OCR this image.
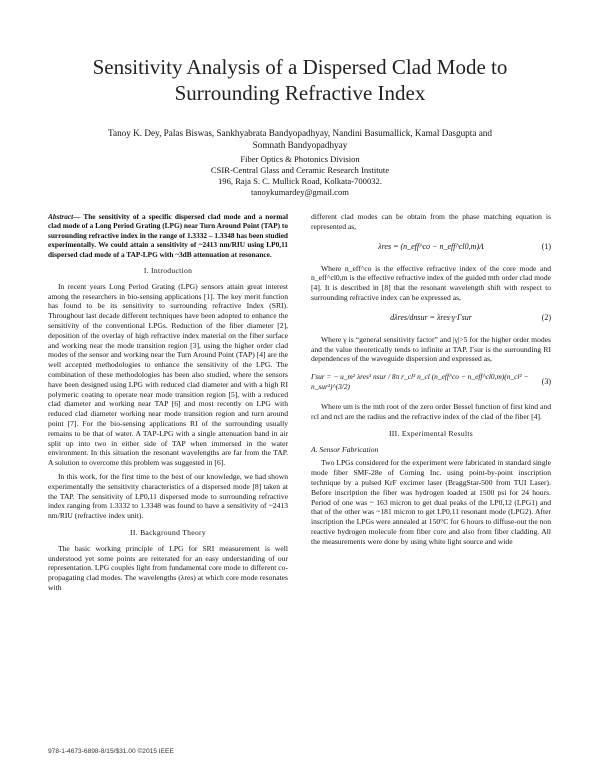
Sensitivity Analysis of a Dispersed Clad Mode to
Surrounding Refractive Index
Tanoy K. Dey, Palas Biswas, Sankhyabrata Bandyopadhyay, Nandini Basumallick, Kamal Dasgupta and
Somnath Bandyopadhyay
Fiber Optics & Photonics Division
CSIR-Central Glass and Ceramic Research Institute
196, Raja S. C. Mullick Road, Kolkata-700032.
tanoykumardey@gmail.com

Abstract— The sensitivity of a specific dispersed clad mode and a normal clad mode of a Long Period Grating (LPG) near Turn Around Point (TAP) to surrounding refractive index in the range of 1.3332 – 1.3348 has been studied experimentally. We could attain a sensitivity of ~2413 nm/RIU using LP0,11 dispersed clad mode of a TAP-LPG with ~3dB attenuation at resonance.

I. Introduction

In recent years Long Period Grating (LPG) sensors attain great interest among the researchers in bio-sensing applications [1]. The key merit function has found to be its sensitivity to surrounding refractive Index (SRI). Throughout last decade different techniques have been adopted to enhance the sensitivity of the conventional LPGs. Reduction of the fiber diameter [2], deposition of the overlay of high refractive index material on the fiber surface and working near the mode transition region [3], using the higher order clad modes of the sensor and working near the Turn Around Point (TAP) [4] are the well accepted methodologies to enhance the sensitivity of the LPG. The combination of these methodologies has been also studied, where the sensors have been designed using LPG with reduced clad diameter and with a high RI polymeric coating to operate near mode transition region [5], with a reduced clad diameter and working near TAP [6] and most recently on LPG with reduced clad diameter working near mode transition region and turn around point [7]. For the bio-sensing applications RI of the surrounding usually remains to be that of water. A TAP-LPG with a single attenuation band in air split up into two in either side of TAP when immersed in the water environment. In this situation the resonant wavelengths are far from the TAP. A solution to overcome this problem was suggested in [6].

In this work, for the first time to the best of our knowledge, we had shown experimentally the sensitivity characteristics of a dispersed mode [8] taken at the TAP. The sensitivity of LP0,11 dispersed mode to surrounding refractive index ranging from 1.3332 to 1.3348 was found to have a sensitivity of ~2413 nm/RIU (refractive index unit).

II. Background Theory

The basic working principle of LPG for SRI measurement is well understood yet some points are reiterated for an easy understanding of our representation. LPG couples light from fundamental core mode to different co-propagating clad modes. The wavelengths (λres) at which core mode resonates with

different clad modes can be obtain from the phase matching equation is represented as,

λres = (n_eff^co − n_eff^cl0,m)Λ	(1)

Where n_eff^co is the effective refractive index of the core mode and n_eff^cl0,m is the effective refractive index of the guided mth order clad mode [4]. It is described in [8] that the resonant wavelength shift with respect to surrounding refractive index can be expressed as,

dλres/dnsur = λres·γ·Γsur	(2)

Where γ is “general sensitivity factor” and |γ|>5 for the higher order modes and the value theoretically tends to infinite at TAP. Γsur is the surrounding RI dependences of the waveguide dispersion and expressed as,

Γsur = − u_m² λres³ nsur / 8π r_cl³ n_cl (n_eff^co − n_eff^cl0,m)(n_cl² − n_sur²)^(3/2)
(3)

Where um is the mth root of the zero order Bessel function of first kind and rcl and ncl are the radius and the refractive index of the clad of the fiber [4].

III. Experimental Results
A. Sensor Fabrication

Two LPGs considered for the experiment were fabricated in standard single mode fiber SMF-28e of Corning Inc. using point-by-point inscription technique by a pulsed KrF excimer laser (BraggStar-500 from TUI Laser). Before inscription the fiber was hydrogen loaded at 1500 psi for 24 hours. Period of one was ~ 163 micron to get dual peaks of the LP0,12 (LPG1) and that of the other was ~181 micron to get LP0,11 resonant mode (LPG2). After inscription the LPGs were annealed at 150°C for 6 hours to diffuse-out the non reactive hydrogen molecule from fiber core and also from fiber cladding. All the measurements were done by using white light source and wide

978-1-4673-6898-8/15/$31.00 ©2015 IEEE
